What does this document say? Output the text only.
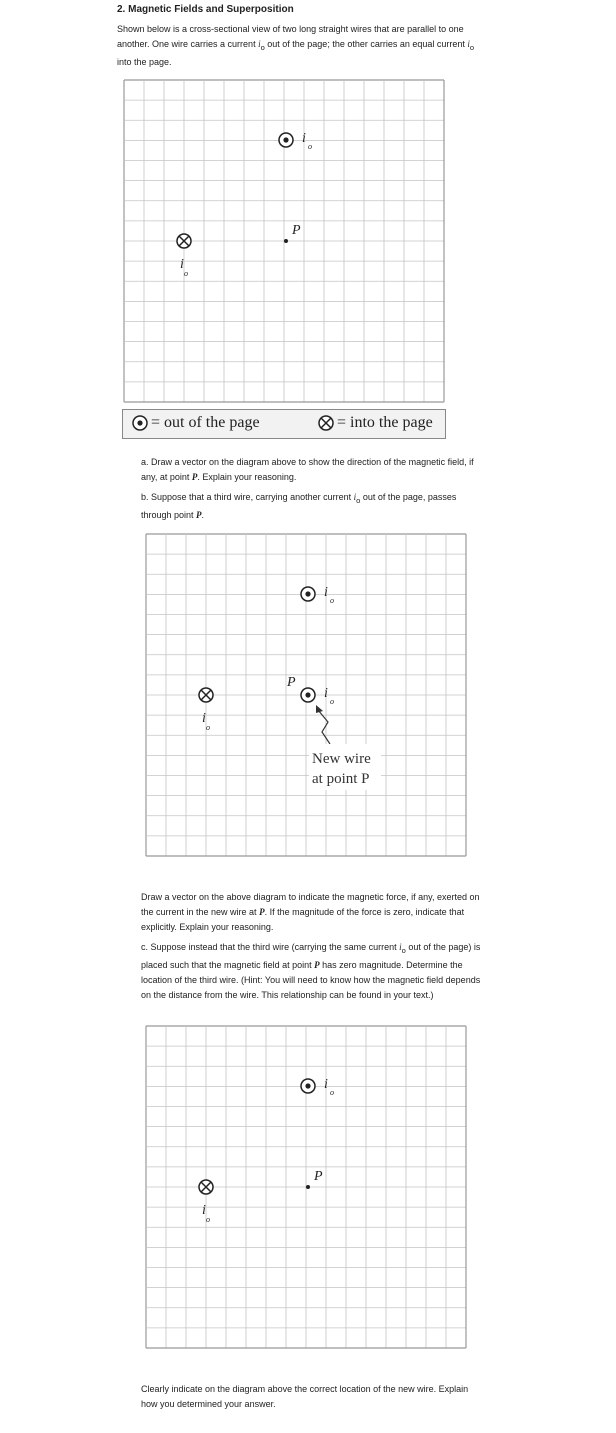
2. Magnetic Fields and Superposition

Shown below is a cross-sectional view of two long straight wires that are parallel to one another. One wire carries a current $i_o$ out of the page; the other carries an equal current $i_o$ into the page.

i
o
i
o
P
= out of the page	= into the page

a. Draw a vector on the diagram above to show the direction of the magnetic field, if any, at point P. Explain your reasoning.

b. Suppose that a third wire, carrying another current $i_o$ out of the page, passes through point P.

i
o
i
o
P
i
o
New wire
at point P

Draw a vector on the above diagram to indicate the magnetic force, if any, exerted on the current in the new wire at P. If the magnitude of the force is zero, indicate that explicitly. Explain your reasoning.

c. Suppose instead that the third wire (carrying the same current $i_o$ out of the page) is placed such that the magnetic field at point P has zero magnitude. Determine the location of the third wire. (Hint: You will need to know how the magnetic field depends on the distance from the wire. This relationship can be found in your text.)

i
o
i
o
P

Clearly indicate on the diagram above the correct location of the new wire. Explain how you determined your answer.
